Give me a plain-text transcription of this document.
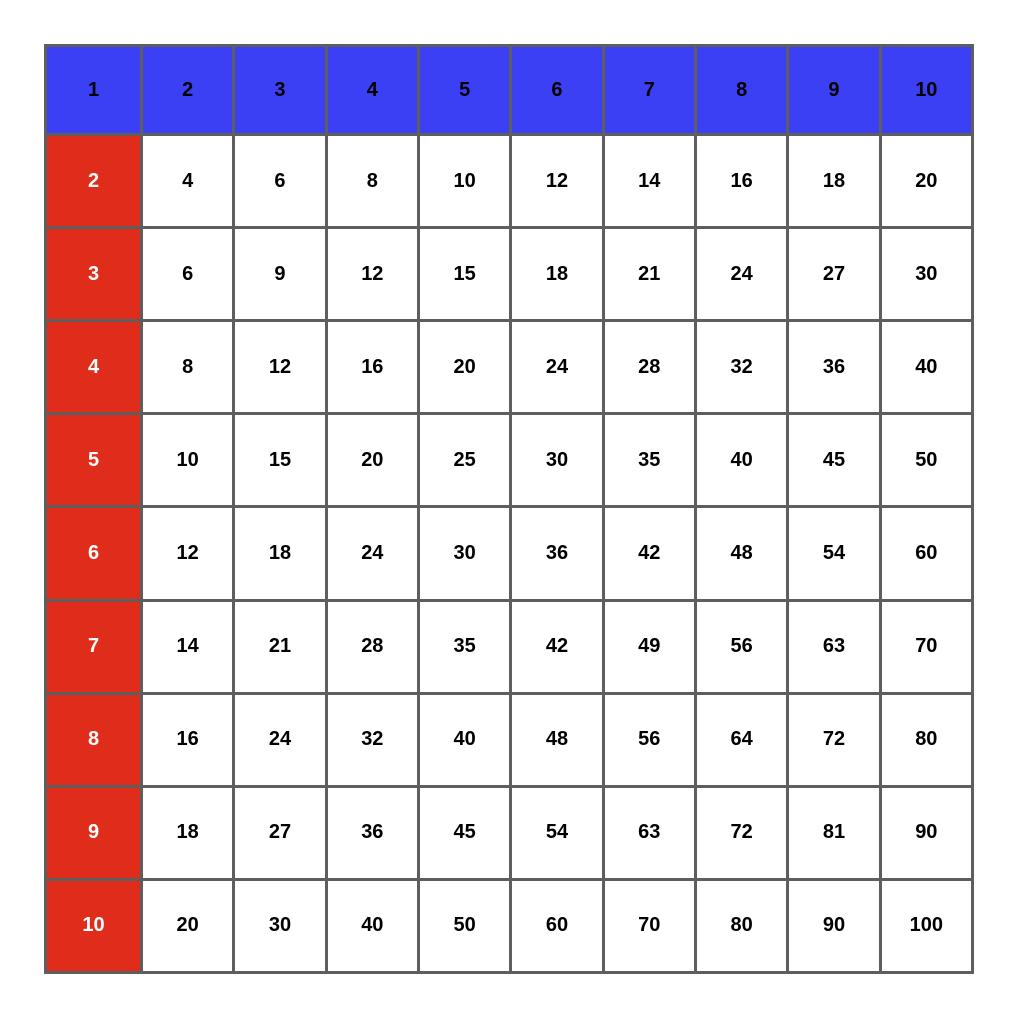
1	2	3	4	5	6	7	8	9	10
2	4	6	8	10	12	14	16	18	20
3	6	9	12	15	18	21	24	27	30
4	8	12	16	20	24	28	32	36	40
5	10	15	20	25	30	35	40	45	50
6	12	18	24	30	36	42	48	54	60
7	14	21	28	35	42	49	56	63	70
8	16	24	32	40	48	56	64	72	80
9	18	27	36	45	54	63	72	81	90
10	20	30	40	50	60	70	80	90	100
